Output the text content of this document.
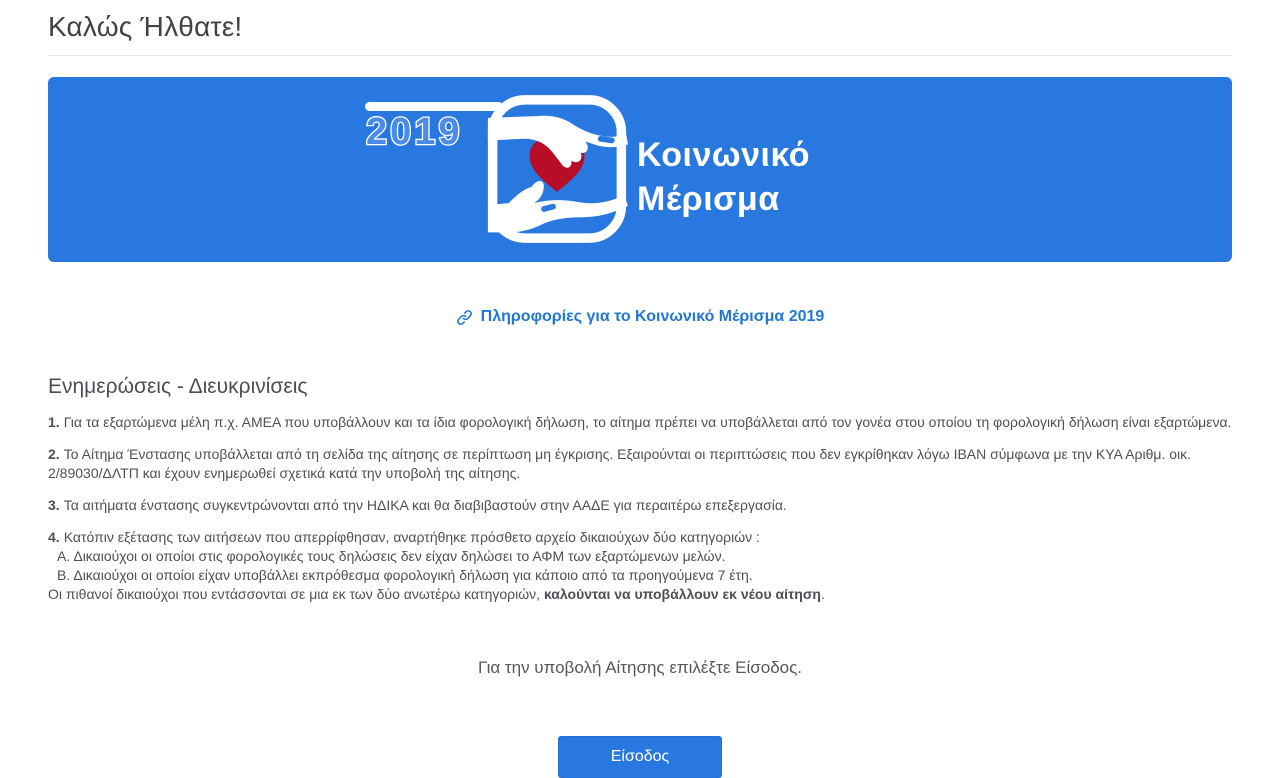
Καλώς Ήλθατε!
2019
Κοινωνικό
Μέρισμα
Πληροφορίες για το Κοινωνικό Μέρισμα 2019
Ενημερώσεις - Διευκρινίσεις

1. Για τα εξαρτώμενα μέλη π.χ. ΑΜΕΑ που υποβάλλουν και τα ίδια φορολογική δήλωση, το αίτημα πρέπει να υποβάλλεται από τον γονέα στου οποίου τη φορολογική δήλωση είναι εξαρτώμενα.

2. Το Αίτημα Ένστασης υποβάλλεται από τη σελίδα της αίτησης σε περίπτωση μη έγκρισης. Εξαιρούνται οι περιπτώσεις που δεν εγκρίθηκαν λόγω IBAN σύμφωνα με την ΚΥΑ Αριθμ. οικ. 2/89030/ΔΛΤΠ και έχουν ενημερωθεί σχετικά κατά την υποβολή της αίτησης.

3. Τα αιτήματα ένστασης συγκεντρώνονται από την ΗΔΙΚΑ και θα διαβιβαστούν στην ΑΑΔΕ για περαιτέρω επεξεργασία.

4. Κατόπιν εξέτασης των αιτήσεων που απερρίφθησαν, αναρτήθηκε πρόσθετο αρχείο δικαιούχων δύο κατηγοριών :
Α. Δικαιούχοι οι οποίοι στις φορολογικές τους δηλώσεις δεν είχαν δηλώσει το ΑΦΜ των εξαρτώμενων μελών.
Β. Δικαιούχοι οι οποίοι είχαν υποβάλλει εκπρόθεσμα φορολογική δήλωση για κάποιο από τα προηγούμενα 7 έτη.
Οι πιθανοί δικαιούχοι που εντάσσονται σε μια εκ των δύο ανωτέρω κατηγοριών, καλούνται να υποβάλλουν εκ νέου αίτηση.

Για την υποβολή Αίτησης επιλέξτε Είσοδος.
Είσοδος
